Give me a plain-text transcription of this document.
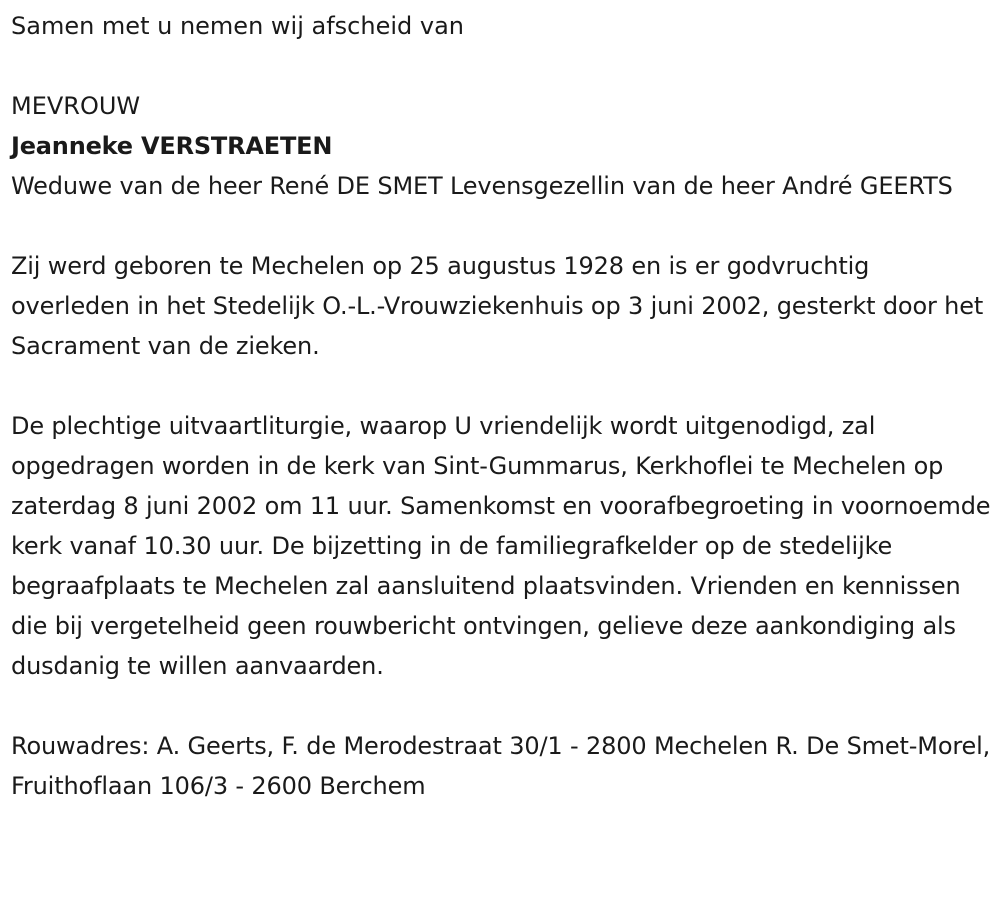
Samen met u nemen wij afscheid van

MEVROUW

Jeanneke VERSTRAETEN

Weduwe van de heer René DE SMET Levensgezellin van de heer André GEERTS

Zij werd geboren te Mechelen op 25 augustus 1928 en is er godvruchtig overleden in het Stedelijk O.-L.-Vrouwziekenhuis op 3 juni 2002, gesterkt door het Sacrament van de zieken.

De plechtige uitvaartliturgie, waarop U vriendelijk wordt uitgenodigd, zal opgedragen worden in de kerk van Sint-Gummarus, Kerkhoflei te Mechelen op zaterdag 8 juni 2002 om 11 uur. Samenkomst en voorafbegroeting in voornoemde kerk vanaf 10.30 uur. De bijzetting in de familiegrafkelder op de stedelijke begraafplaats te Mechelen zal aansluitend plaatsvinden. Vrienden en kennissen die bij vergetelheid geen rouwbericht ontvingen, gelieve deze aankondiging als dusdanig te willen aanvaarden.

Rouwadres: A. Geerts, F. de Merodestraat 30/1 - 2800 Mechelen R. De Smet-Morel, Fruithoflaan 106/3 - 2600 Berchem
